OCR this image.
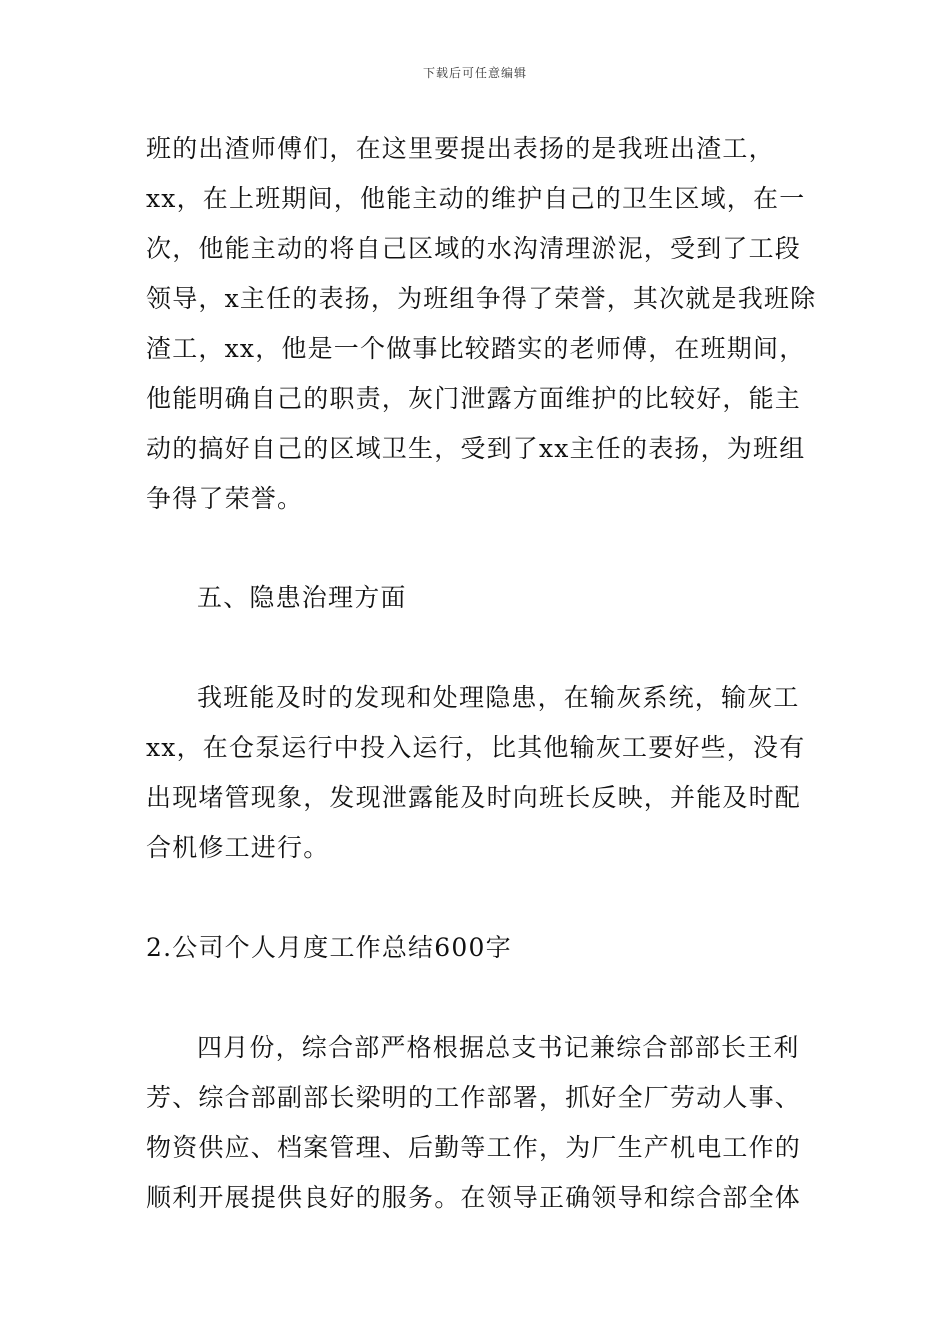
下载后可任意编辑
班的出渣师傅们，在这里要提出表扬的是我班出渣工，
xx，在上班期间，他能主动的维护自己的卫生区域，在一
次，他能主动的将自己区域的水沟清理淤泥，受到了工段
领导，x主任的表扬，为班组争得了荣誉，其次就是我班除
渣工，xx，他是一个做事比较踏实的老师傅，在班期间，
他能明确自己的职责，灰门泄露方面维护的比较好，能主
动的搞好自己的区域卫生，受到了xx主任的表扬，为班组
争得了荣誉。
五、隐患治理方面
我班能及时的发现和处理隐患，在输灰系统，输灰工
xx，在仓泵运行中投入运行，比其他输灰工要好些，没有
出现堵管现象，发现泄露能及时向班长反映，并能及时配
合机修工进行。
2.公司个人月度工作总结600字
四月份，综合部严格根据总支书记兼综合部部长王利
芳、综合部副部长梁明的工作部署，抓好全厂劳动人事、
物资供应、档案管理、后勤等工作，为厂生产机电工作的
顺利开展提供良好的服务。在领导正确领导和综合部全体
